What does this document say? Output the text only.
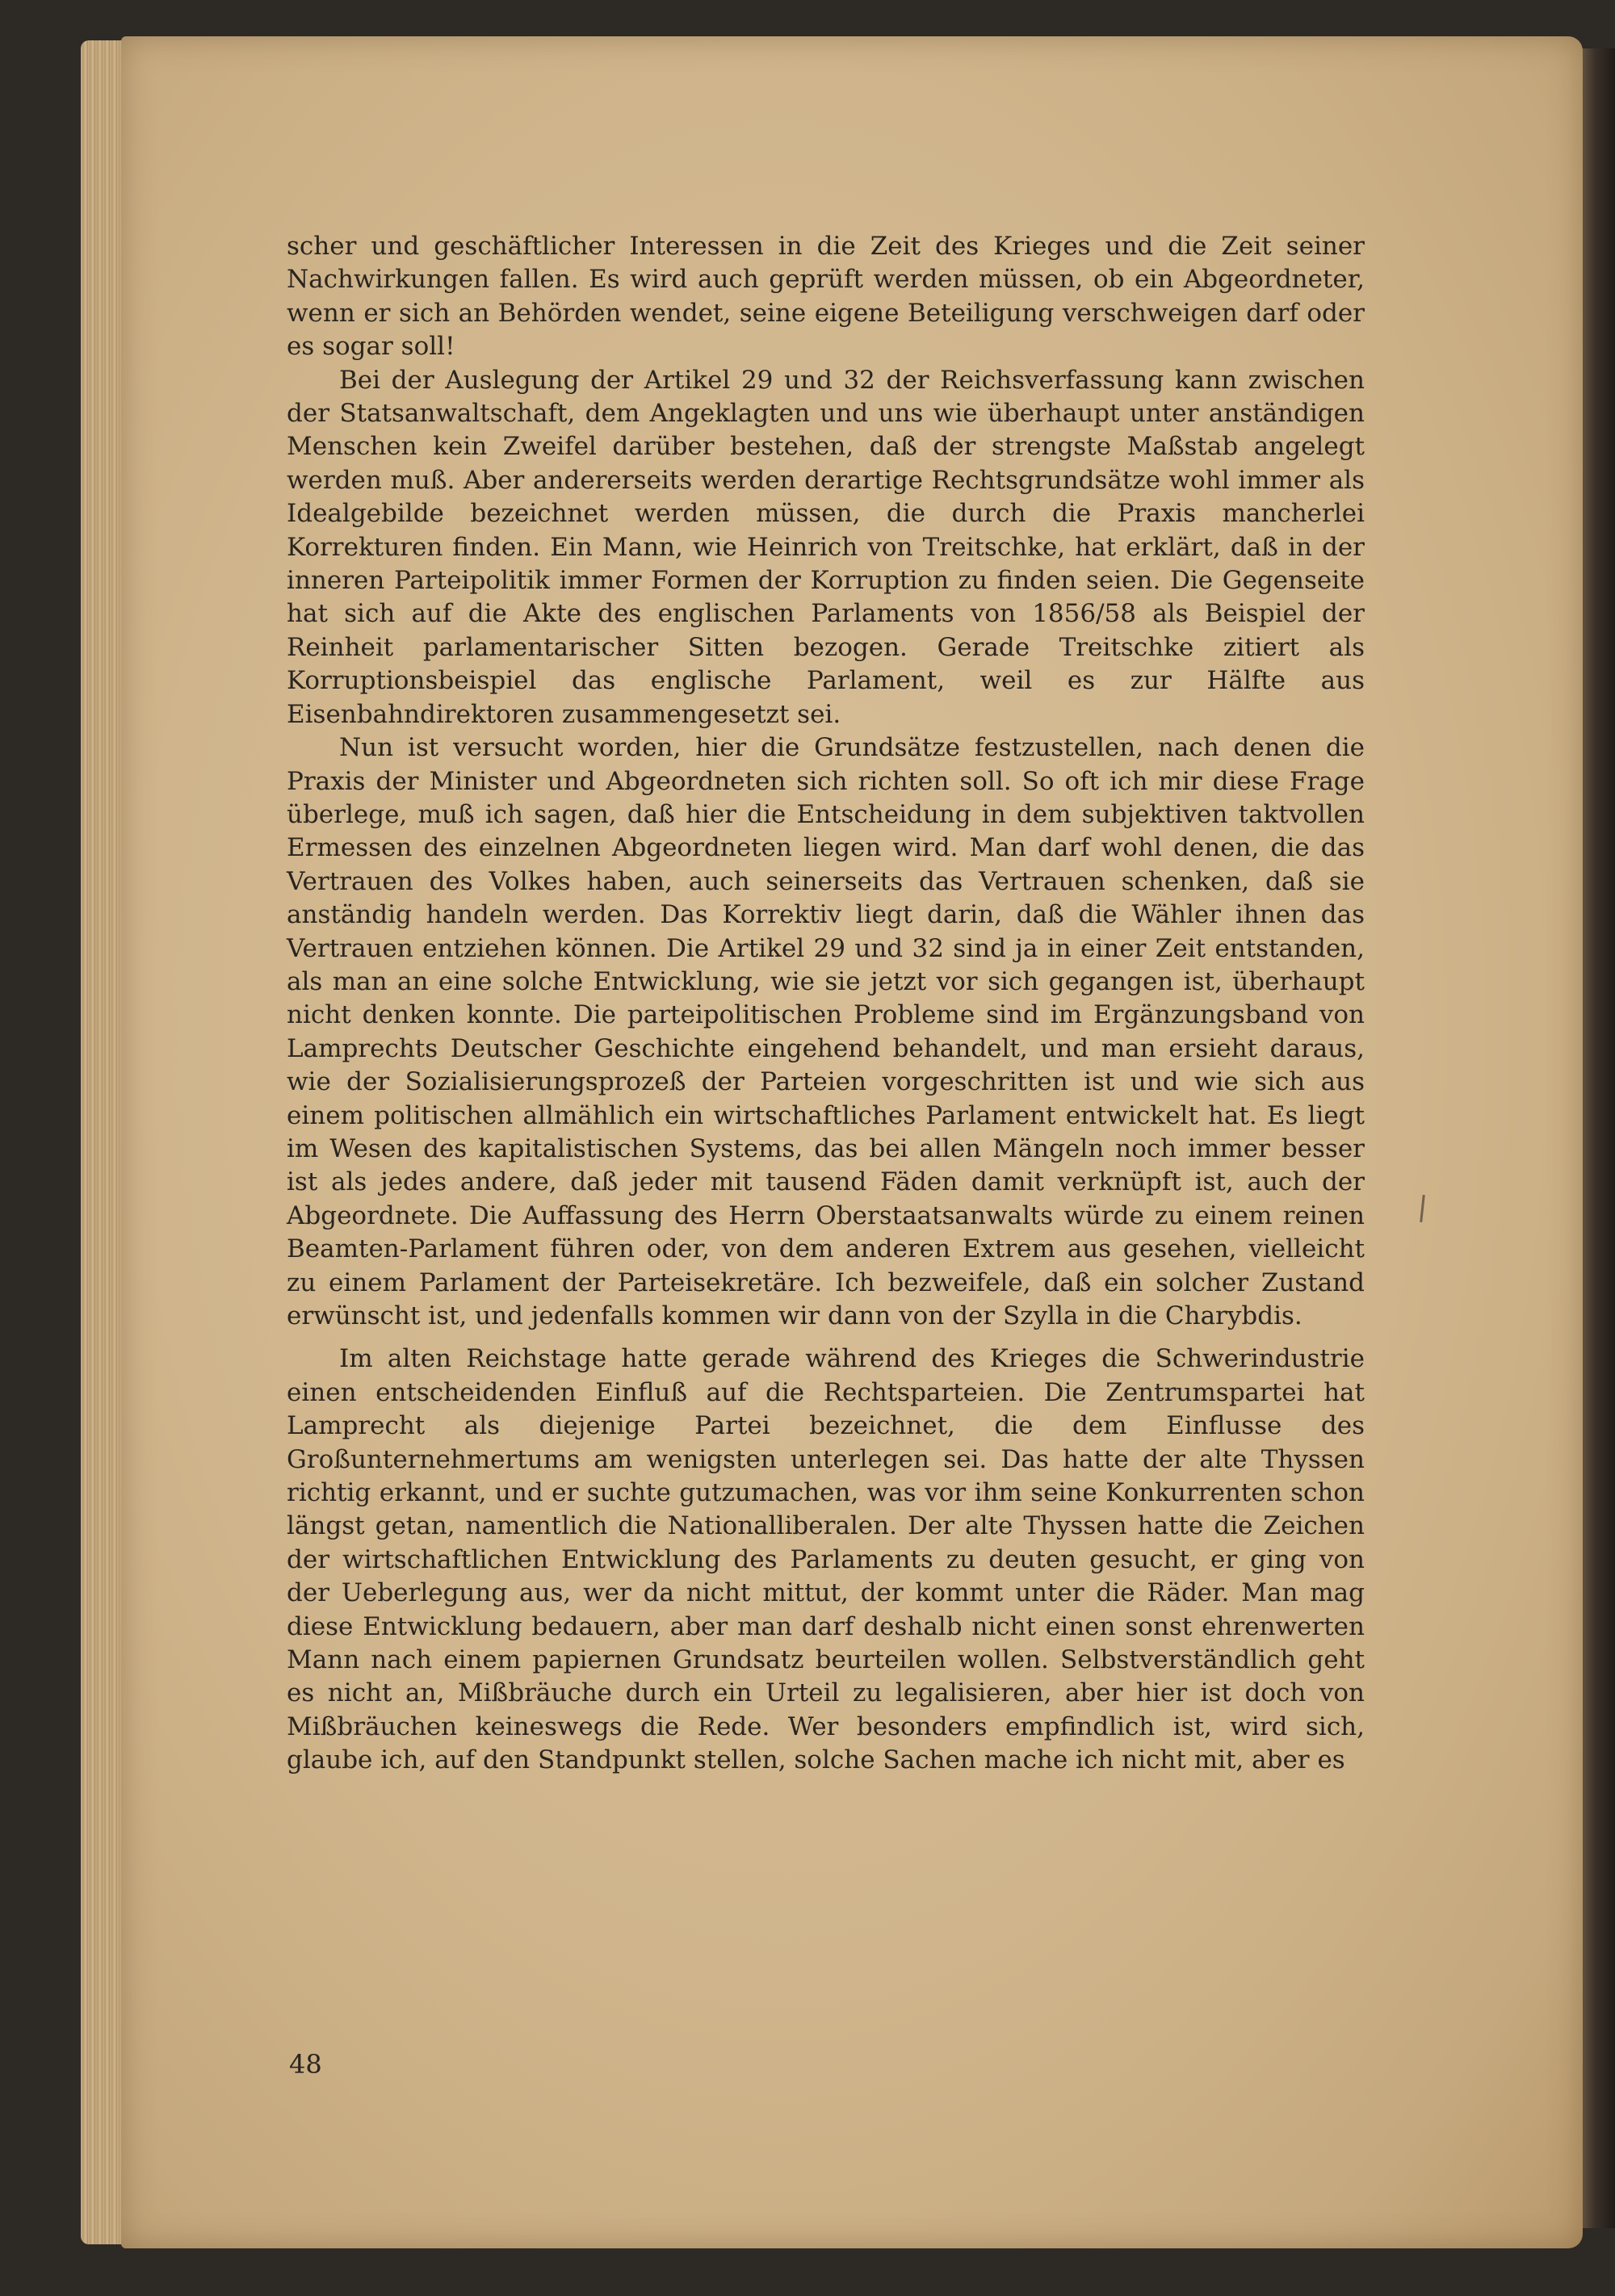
scher und geschäftlicher Interessen in die Zeit des Krieges und die Zeit seiner Nachwirkungen fallen. Es wird auch geprüft werden müssen, ob ein Abgeordneter, wenn er sich an Behörden wendet, seine eigene Beteiligung verschweigen darf oder es sogar soll!

Bei der Auslegung der Artikel 29 und 32 der Reichsverfassung kann zwischen der Statsanwaltschaft, dem Angeklagten und uns wie überhaupt unter anständigen Menschen kein Zweifel darüber bestehen, daß der strengste Maßstab angelegt werden muß. Aber andererseits werden derartige Rechtsgrundsätze wohl immer als Idealgebilde bezeichnet werden müssen, die durch die Praxis mancherlei Korrekturen finden. Ein Mann, wie Heinrich von Treitschke, hat erklärt, daß in der inneren Parteipolitik immer Formen der Korruption zu finden seien. Die Gegenseite hat sich auf die Akte des englischen Parlaments von 1856/58 als Beispiel der Reinheit parlamentarischer Sitten bezogen. Gerade Treitschke zitiert als Korruptionsbeispiel das englische Parlament, weil es zur Hälfte aus Eisenbahndirektoren zusammengesetzt sei.

Nun ist versucht worden, hier die Grundsätze festzustellen, nach denen die Praxis der Minister und Abgeordneten sich richten soll. So oft ich mir diese Frage überlege, muß ich sagen, daß hier die Entscheidung in dem subjektiven taktvollen Ermessen des einzelnen Abgeordneten liegen wird. Man darf wohl denen, die das Vertrauen des Volkes haben, auch seinerseits das Vertrauen schenken, daß sie anständig handeln werden. Das Korrektiv liegt darin, daß die Wähler ihnen das Vertrauen entziehen können. Die Artikel 29 und 32 sind ja in einer Zeit entstanden, als man an eine solche Entwicklung, wie sie jetzt vor sich gegangen ist, überhaupt nicht denken konnte. Die parteipolitischen Probleme sind im Ergänzungsband von Lamprechts Deutscher Geschichte eingehend behandelt, und man ersieht daraus, wie der Sozialisierungsprozeß der Parteien vorgeschritten ist und wie sich aus einem politischen allmählich ein wirtschaftliches Parlament entwickelt hat. Es liegt im Wesen des kapitalistischen Systems, das bei allen Mängeln noch immer besser ist als jedes andere, daß jeder mit tausend Fäden damit verknüpft ist, auch der Abgeordnete. Die Auffassung des Herrn Oberstaatsanwalts würde zu einem reinen Beamten-Parlament führen oder, von dem anderen Extrem aus gesehen, vielleicht zu einem Parlament der Parteisekretäre. Ich bezweifele, daß ein solcher Zustand erwünscht ist, und jedenfalls kommen wir dann von der Szylla in die Charybdis.

Im alten Reichstage hatte gerade während des Krieges die Schwerindustrie einen entscheidenden Einfluß auf die Rechtsparteien. Die Zentrumspartei hat Lamprecht als diejenige Partei bezeichnet, die dem Einflusse des Großunternehmertums am wenigsten unterlegen sei. Das hatte der alte Thyssen richtig erkannt, und er suchte gutzumachen, was vor ihm seine Konkurrenten schon längst getan, namentlich die Nationalliberalen. Der alte Thyssen hatte die Zeichen der wirtschaftlichen Entwicklung des Parlaments zu deuten gesucht, er ging von der Ueberlegung aus, wer da nicht mittut, der kommt unter die Räder. Man mag diese Entwicklung bedauern, aber man darf deshalb nicht einen sonst ehrenwerten Mann nach einem papiernen Grundsatz beurteilen wollen. Selbstverständlich geht es nicht an, Mißbräuche durch ein Urteil zu legalisieren, aber hier ist doch von Mißbräuchen keineswegs die Rede. Wer besonders empfindlich ist, wird sich, glaube ich, auf den Standpunkt stellen, solche Sachen mache ich nicht mit, aber es

48
